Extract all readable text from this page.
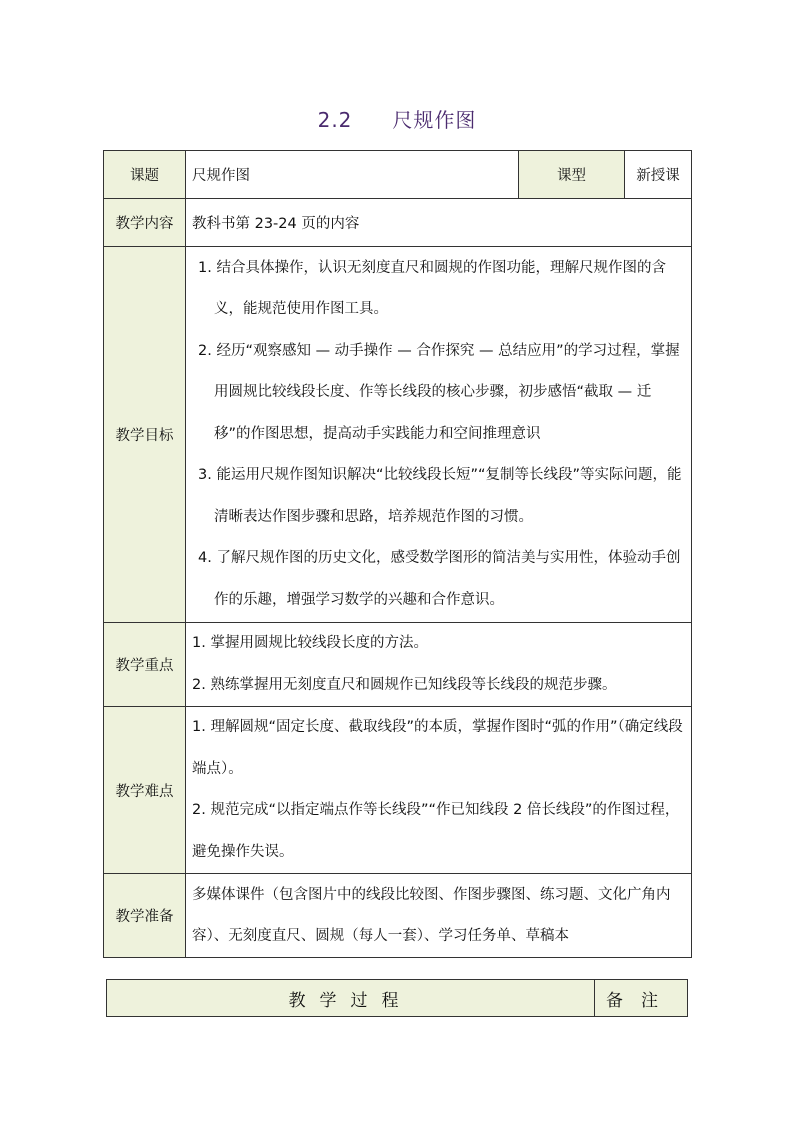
2.2 尺规作图
课题	尺规作图	课型	新授课
教学内容	教科书第 23-24 页的内容		
教学目标	1. 结合具体操作，认识无刻度直尺和圆规的作图功能，理解尺规作图的含义，能规范使用作图工具。
2. 经历“观察感知 — 动手操作 — 合作探究 — 总结应用”的学习过程，掌握用圆规比较线段长度、作等长线段的核心步骤，初步感悟“截取 — 迁移”的作图思想，提高动手实践能力和空间推理意识
3. 能运用尺规作图知识解决“比较线段长短”“复制等长线段”等实际问题，能清晰表达作图步骤和思路，培养规范作图的习惯。
4. 了解尺规作图的历史文化，感受数学图形的简洁美与实用性，体验动手创作的乐趣，增强学习数学的兴趣和合作意识。		

教学重点	1. 掌握用圆规比较线段长度的方法。
2. 熟练掌握用无刻度直尺和圆规作已知线段等长线段的规范步骤。		

教学难点	1. 理解圆规“固定长度、截取线段”的本质，掌握作图时“弧的作用”（确定线段端点）。
2. 规范完成“以指定端点作等长线段”“作已知线段 2 倍长线段”的作图过程，避免操作失误。		

教学准备	多媒体课件（包含图片中的线段比较图、作图步骤图、练习题、文化广角内容）、无刻度直尺、圆规（每人一套）、学习任务单、草稿本		
教学过程	备注
